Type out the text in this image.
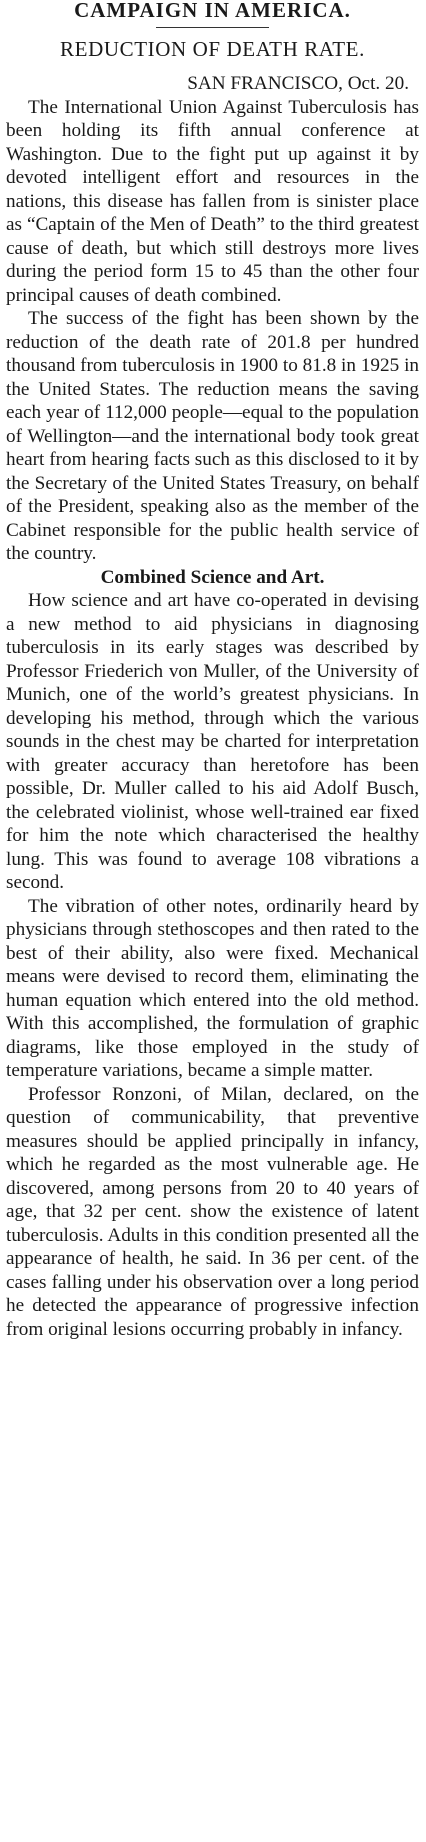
CAMPAIGN IN AMERICA.
REDUCTION OF DEATH RATE.

SAN FRANCISCO, Oct. 20.

The International Union Against Tuberculosis has been holding its fifth annual conference at Washington. Due to the fight put up against it by devoted intelligent effort and resources in the nations, this disease has fallen from is sinister place as “Captain of the Men of Death” to the third greatest cause of death, but which still destroys more lives during the period form 15 to 45 than the other four principal causes of death combined.

The success of the fight has been shown by the reduction of the death rate of 201.8 per hundred thousand from tuberculosis in 1900 to 81.8 in 1925 in the United States. The reduction means the saving each year of 112,000 people—equal to the population of Wellington—and the international body took great heart from hearing facts such as this disclosed to it by the Secretary of the United States Treasury, on behalf of the President, speaking also as the member of the Cabinet responsible for the public health service of the country.

Combined Science and Art.

How science and art have co-operated in devising a new method to aid physicians in diagnosing tuberculosis in its early stages was described by Professor Friederich von Muller, of the University of Munich, one of the world’s greatest physicians. In developing his method, through which the various sounds in the chest may be charted for interpretation with greater accuracy than heretofore has been possible, Dr. Muller called to his aid Adolf Busch, the celebrated violinist, whose well-trained ear fixed for him the note which characterised the healthy lung. This was found to average 108 vibrations a second.

The vibration of other notes, ordinarily heard by physicians through stethoscopes and then rated to the best of their ability, also were fixed. Mechanical means were devised to record them, eliminating the human equation which entered into the old method. With this accomplished, the formulation of graphic diagrams, like those employed in the study of temperature variations, became a simple matter.

Professor Ronzoni, of Milan, declared, on the question of communicability, that preventive measures should be applied principally in infancy, which he regarded as the most vulnerable age. He discovered, among persons from 20 to 40 years of age, that 32 per cent. show the existence of latent tuberculosis. Adults in this condition presented all the appearance of health, he said. In 36 per cent. of the cases falling under his observation over a long period he detected the appearance of progressive infection from original lesions occurring probably in infancy.
